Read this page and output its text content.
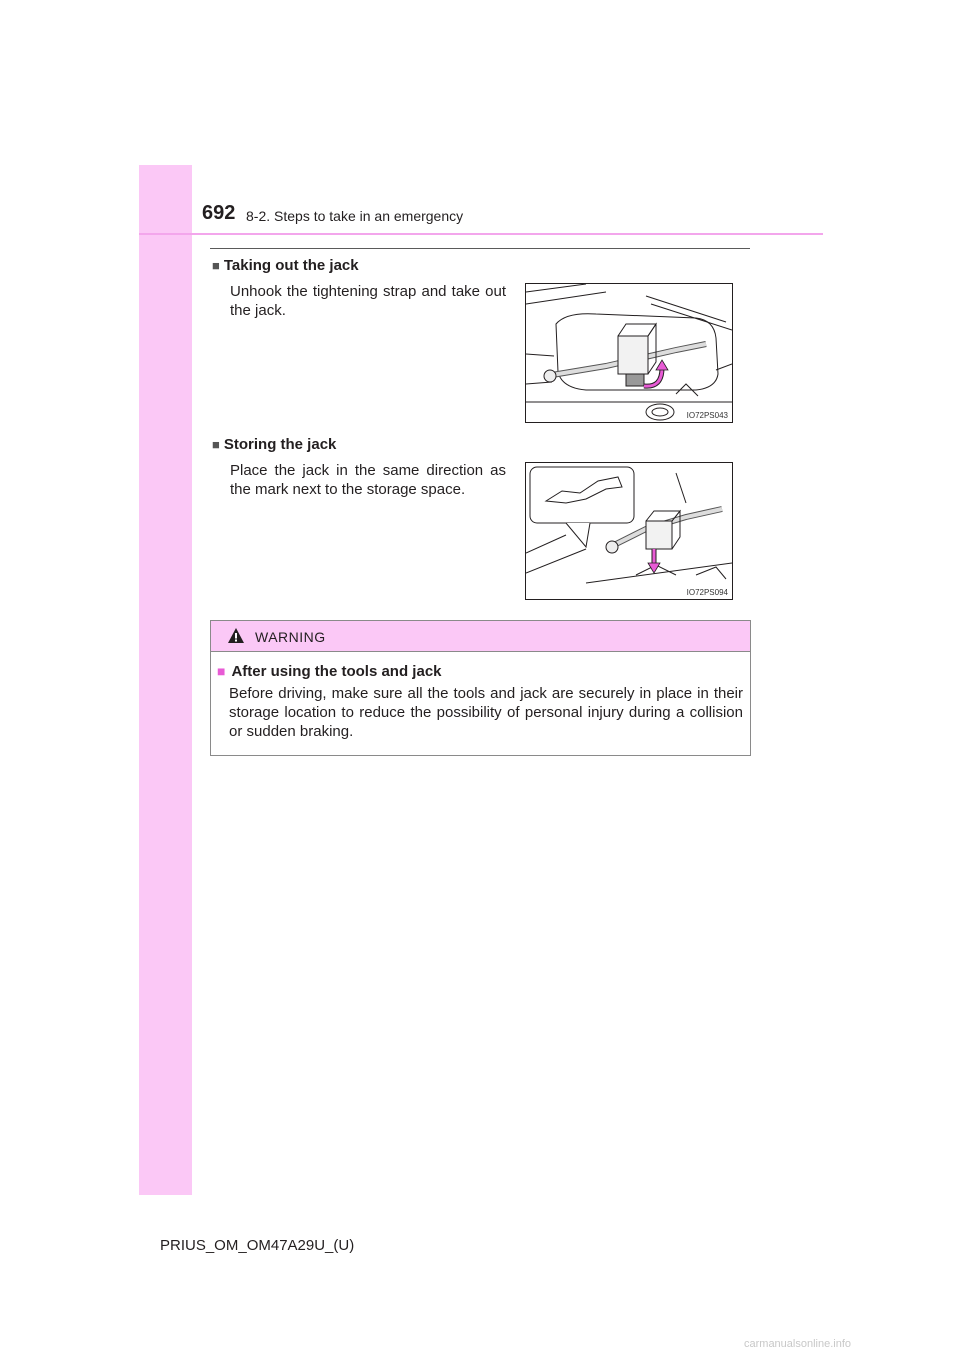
692 8-2. Steps to take in an emergency
■ Taking out the jack
Unhook the tightening strap and take out the jack.
IO72PS043
■ Storing the jack
Place the jack in the same direction as the mark next to the storage space.
IO72PS094
WARNING
■ After using the tools and jack
Before driving, make sure all the tools and jack are securely in place in their storage location to reduce the possibility of personal injury during a collision or sudden braking.
PRIUS_OM_OM47A29U_(U)
carmanualsonline.info
